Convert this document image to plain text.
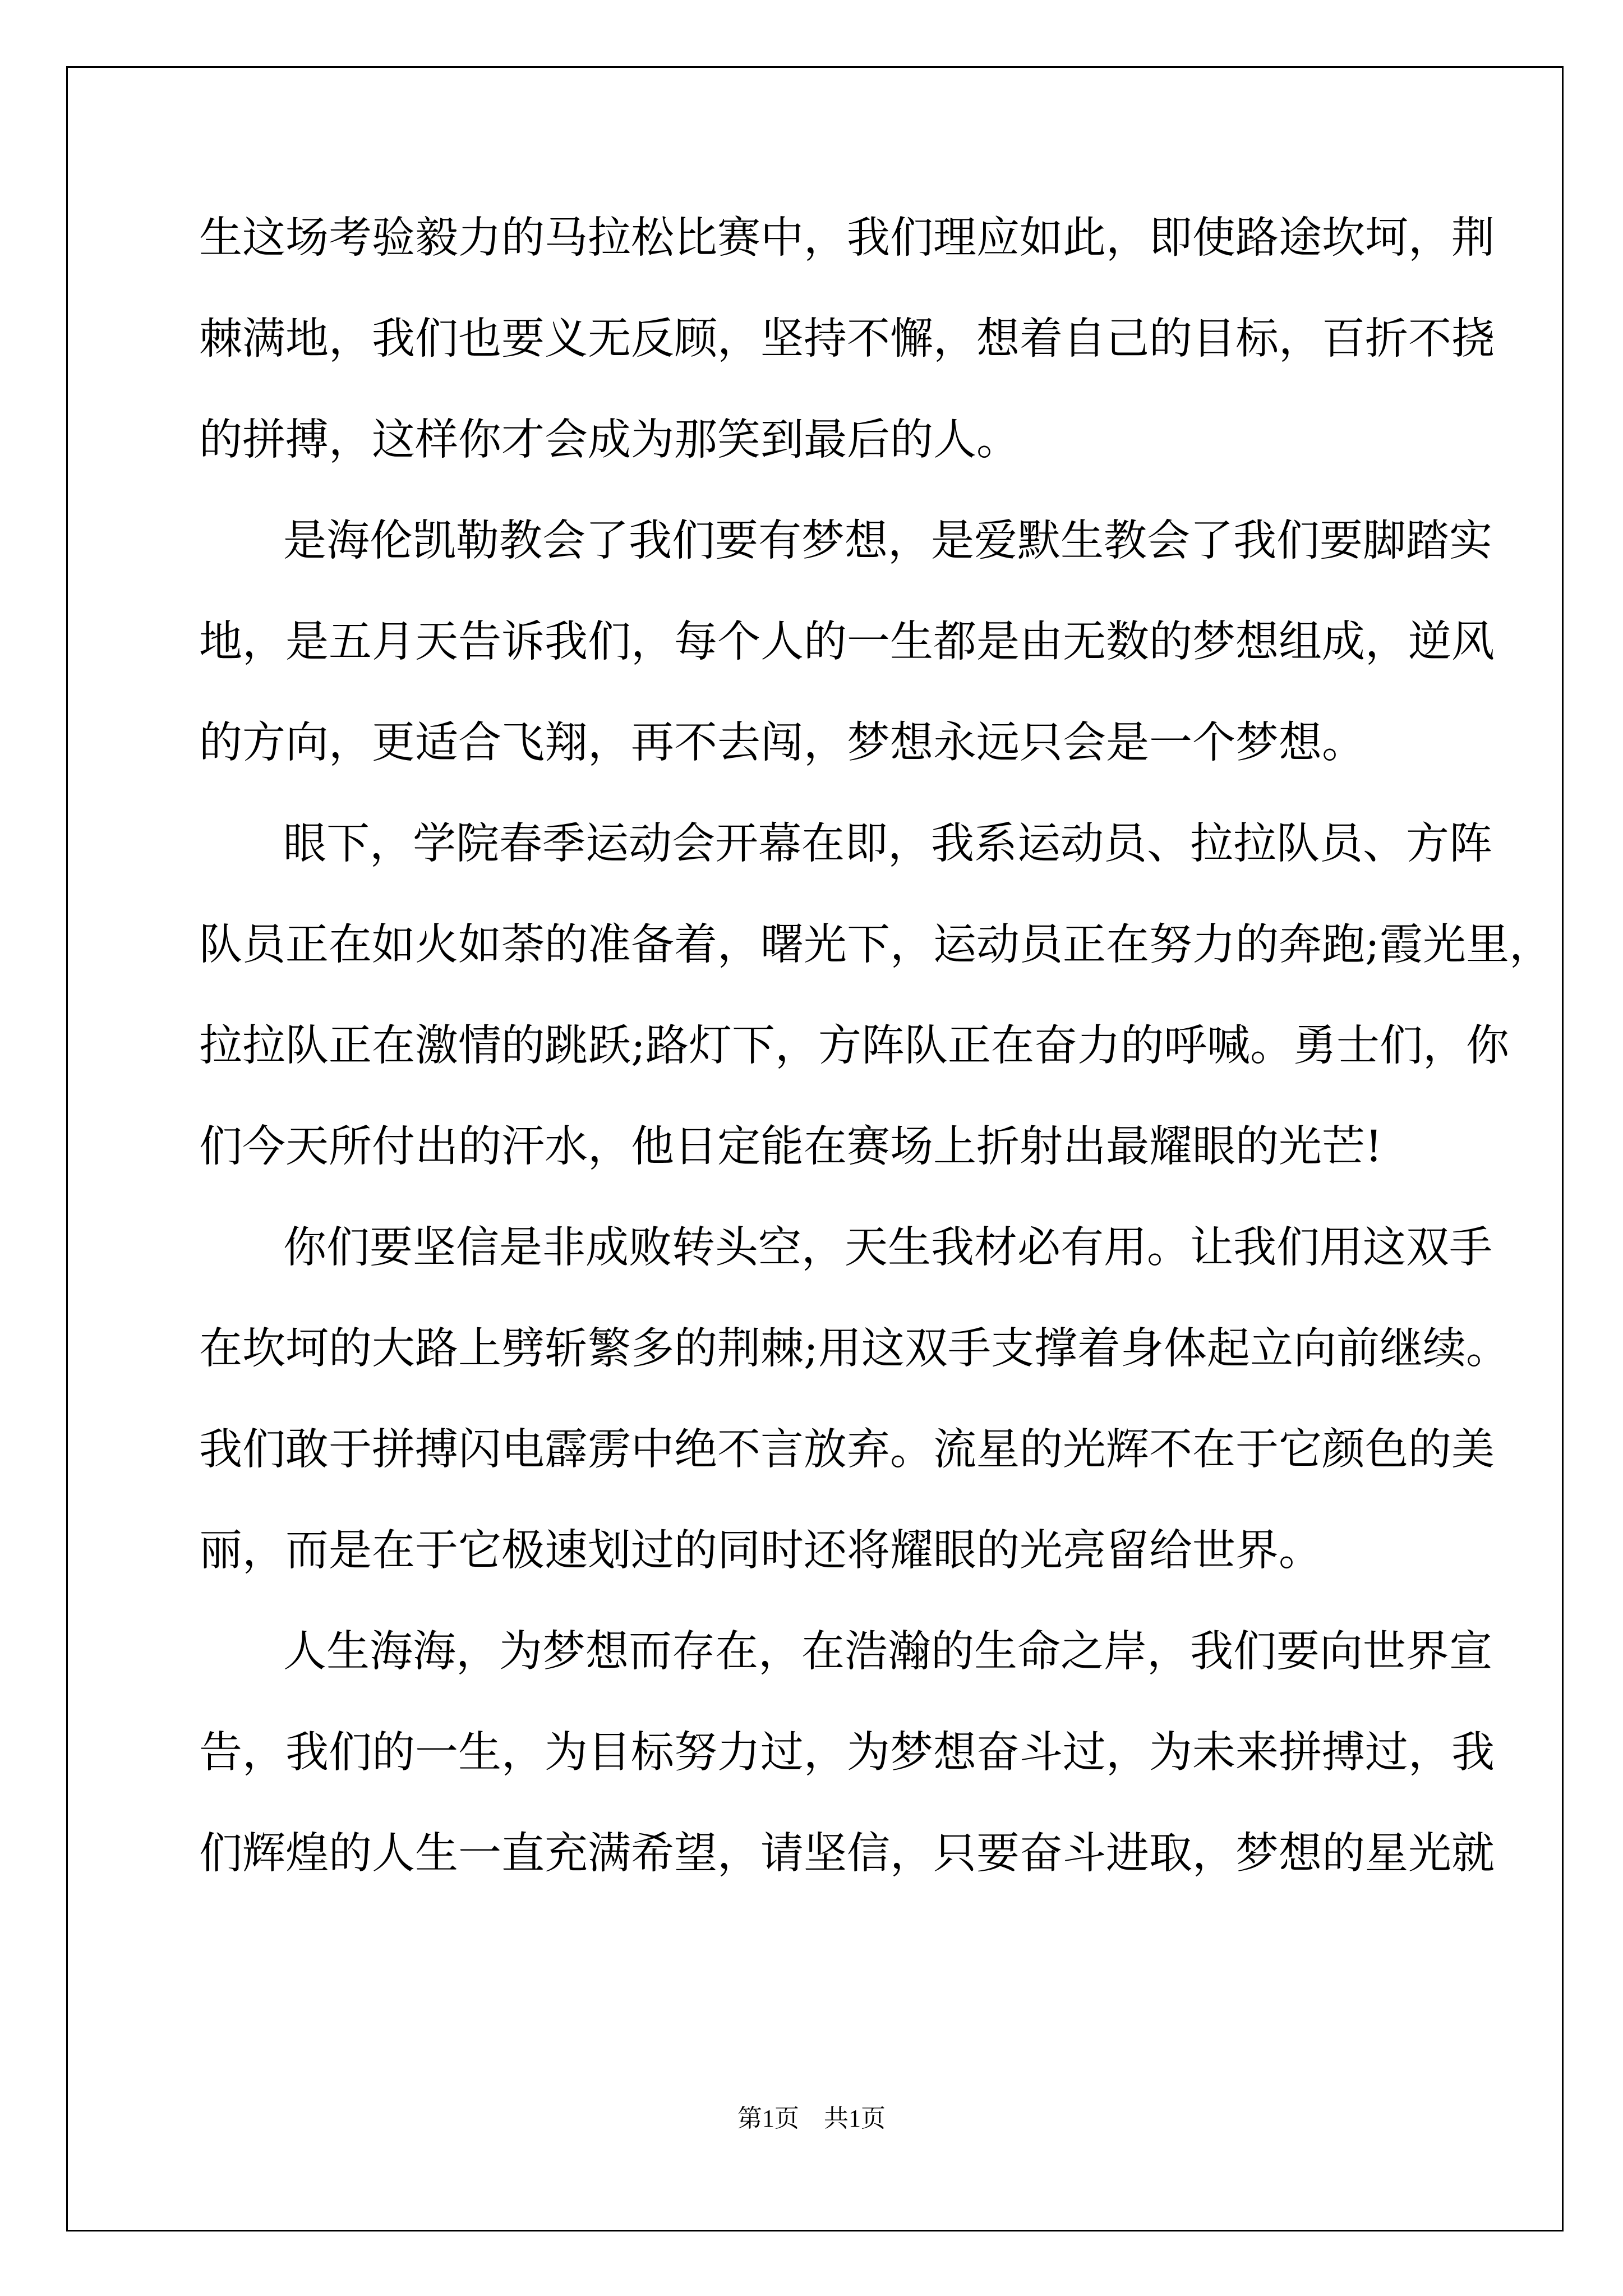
生这场考验毅力的马拉松比赛中，我们理应如此，即使路途坎坷，荆
棘满地，我们也要义无反顾，坚持不懈，想着自己的目标，百折不挠
的拼搏，这样你才会成为那笑到最后的人。
是海伦凯勒教会了我们要有梦想，是爱默生教会了我们要脚踏实
地，是五月天告诉我们，每个人的一生都是由无数的梦想组成，逆风
的方向，更适合飞翔，再不去闯，梦想永远只会是一个梦想。
眼下，学院春季运动会开幕在即，我系运动员、拉拉队员、方阵
队员正在如火如荼的准备着，曙光下，运动员正在努力的奔跑;霞光里，
拉拉队正在激情的跳跃;路灯下，方阵队正在奋力的呼喊。勇士们，你
们今天所付出的汗水，他日定能在赛场上折射出最耀眼的光芒!
你们要坚信是非成败转头空，天生我材必有用。让我们用这双手
在坎坷的大路上劈斩繁多的荆棘;用这双手支撑着身体起立向前继续。
我们敢于拼搏闪电霹雳中绝不言放弃。流星的光辉不在于它颜色的美
丽，而是在于它极速划过的同时还将耀眼的光亮留给世界。
人生海海，为梦想而存在，在浩瀚的生命之岸，我们要向世界宣
告，我们的一生，为目标努力过，为梦想奋斗过，为未来拼搏过，我
们辉煌的人生一直充满希望，请坚信，只要奋斗进取，梦想的星光就
第1页　共1页
